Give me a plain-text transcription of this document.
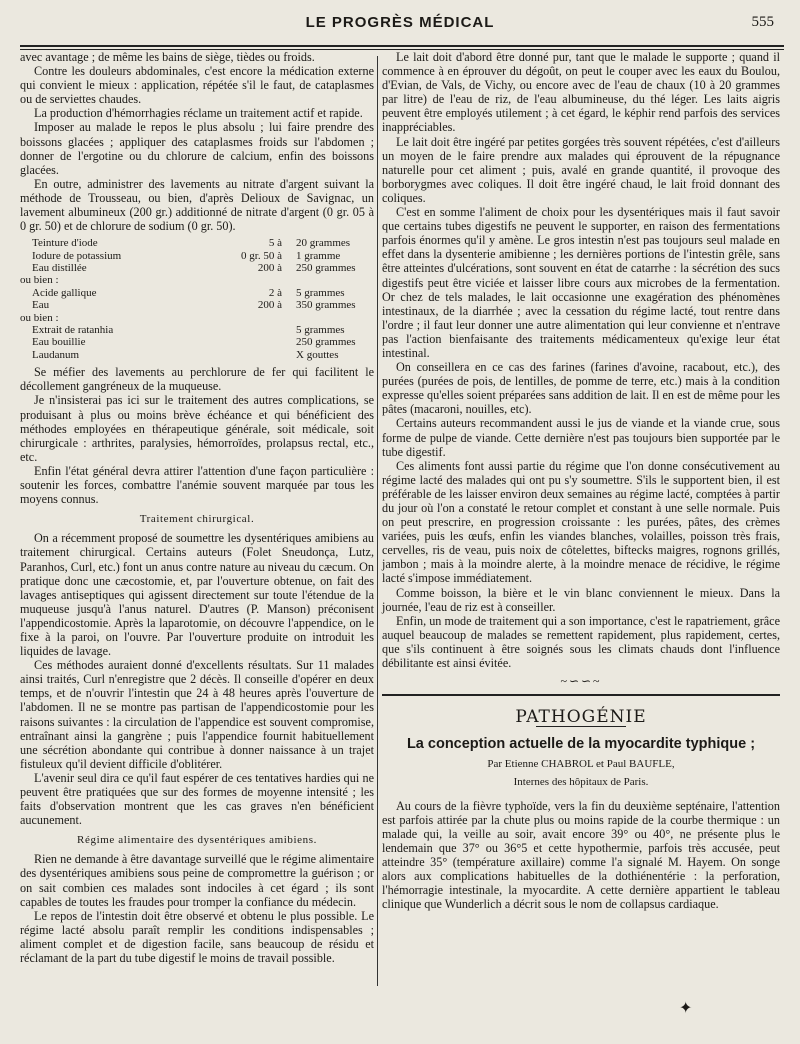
LE PROGRÈS MÉDICAL	555

avec avantage ; de même les bains de siège, tièdes ou froids.

Contre les douleurs abdominales, c'est encore la médication externe qui convient le mieux : application, répétée s'il le faut, de cataplasmes ou de serviettes chaudes.

La production d'hémorrhagies réclame un traitement actif et rapide.

Imposer au malade le repos le plus absolu ; lui faire prendre des boissons glacées ; appliquer des cataplasmes froids sur l'abdomen ; donner de l'ergotine ou du chlorure de calcium, enfin des boissons glacées.

En outre, administrer des lavements au nitrate d'argent suivant la méthode de Trousseau, ou bien, d'après Delioux de Savignac, un lavement albumineux (200 gr.) additionné de nitrate d'argent (0 gr. 05 à 0 gr. 50) et de chlorure de sodium (0 gr. 50).

Teinture d'iode	5 à	20 grammes
Iodure de potassium	0 gr. 50 à	1 gramme
Eau distillée	200 à	250 grammes
ou bien :
Acide gallique	2 à	5 grammes
Eau	200 à	350 grammes
ou bien :
Extrait de ratanhia	5 grammes
Eau bouillie	250 grammes
Laudanum	X gouttes

Se méfier des lavements au perchlorure de fer qui facilitent le décollement gangréneux de la muqueuse.

Je n'insisterai pas ici sur le traitement des autres complications, se produisant à plus ou moins brève échéance et qui bénéficient des méthodes employées en thérapeutique générale, soit médicale, soit chirurgicale : arthrites, paralysies, hémorroïdes, prolapsus rectal, etc., etc.

Enfin l'état général devra attirer l'attention d'une façon particulière : soutenir les forces, combattre l'anémie souvent marquée par tous les moyens connus.

Traitement chirurgical.

On a récemment proposé de soumettre les dysentériques amibiens au traitement chirurgical. Certains auteurs (Folet Sneudonça, Lutz, Paranhos, Curl, etc.) font un anus contre nature au niveau du cæcum. On pratique donc une cæcostomie, et, par l'ouverture obtenue, on fait des lavages antiseptiques qui agissent directement sur toute l'étendue de la muqueuse jusqu'à l'anus naturel. D'autres (P. Manson) préconisent l'appendicostomie. Après la laparotomie, on découvre l'appendice, on le fixe à la paroi, on l'ouvre. Par l'ouverture produite on introduit les liquides de lavage.

Ces méthodes auraient donné d'excellents résultats. Sur 11 malades ainsi traités, Curl n'enregistre que 2 décès. Il conseille d'opérer en deux temps, et de n'ouvrir l'intestin que 24 à 48 heures après l'ouverture de l'abdomen. Il ne se montre pas partisan de l'appendicostomie pour les raisons suivantes : la circulation de l'appendice est souvent compromise, entraînant ainsi la gangrène ; puis l'appendice fournit habituellement une sécrétion abondante qui contribue à donner naissance à un trajet fistuleux qu'il devient difficile d'oblitérer.

L'avenir seul dira ce qu'il faut espérer de ces tentatives hardies qui ne peuvent être pratiquées que sur des formes de moyenne intensité ; les faits d'observation montrent que les cas graves n'en bénéficient aucunement.

Régime alimentaire des dysentériques amibiens.

Rien ne demande à être davantage surveillé que le régime alimentaire des dysentériques amibiens sous peine de compromettre la guérison ; or on sait combien ces malades sont indociles à cet égard ; ils sont capables de toutes les fraudes pour tromper la confiance du médecin.

Le repos de l'intestin doit être observé et obtenu le plus possible. Le régime lacté absolu paraît remplir les conditions indispensables ; aliment complet et de digestion facile, sans beaucoup de résidu et réclamant de la part du tube digestif le moins de travail possible.

Le lait doit d'abord être donné pur, tant que le malade le supporte ; quand il commence à en éprouver du dégoût, on peut le couper avec les eaux du Boulou, d'Evian, de Vals, de Vichy, ou encore avec de l'eau de chaux (10 à 20 grammes par litre) de l'eau de riz, de l'eau albumineuse, du thé léger. Les laits aigris peuvent être employés utilement ; à cet égard, le képhir rend parfois des services inappréciables.

Le lait doit être ingéré par petites gorgées très souvent répétées, c'est d'ailleurs un moyen de le faire prendre aux malades qui éprouvent de la répugnance naturelle pour cet aliment ; puis, avalé en grande quantité, il provoque des borborygmes avec coliques. Il doit être ingéré chaud, le lait froid donnant des coliques.

C'est en somme l'aliment de choix pour les dysentériques mais il faut savoir que certains tubes digestifs ne peuvent le supporter, en raison des fermentations parfois énormes qu'il y amène. Le gros intestin n'est pas toujours seul malade en effet dans la dysenterie amibienne ; les dernières portions de l'intestin grêle, sans être atteintes d'ulcérations, sont souvent en état de catarrhe : la sécrétion des sucs digestifs peut être viciée et laisser libre cours aux microbes de la fermentation. Or chez de tels malades, le lait occasionne une exagération des phénomènes intestinaux, de la diarrhée ; avec la cessation du régime lacté, tout rentre dans l'ordre ; il faut leur donner une autre alimentation qui leur convienne et n'entrave pas l'action bienfaisante des traitements médicamenteux qu'exige leur état intestinal.

On conseillera en ce cas des farines (farines d'avoine, racabout, etc.), des purées (purées de pois, de lentilles, de pomme de terre, etc.) mais à la condition expresse qu'elles soient préparées sans addition de lait. Il en est de même pour les pâtes (macaroni, nouilles, etc).

Certains auteurs recommandent aussi le jus de viande et la viande crue, sous forme de pulpe de viande. Cette dernière n'est pas toujours bien supportée par le tube digestif.

Ces aliments font aussi partie du régime que l'on donne consécutivement au régime lacté des malades qui ont pu s'y soumettre. S'ils le supportent bien, il est préférable de les laisser environ deux semaines au régime lacté, comptées à partir du jour où l'on a constaté le retour complet et constant à une selle normale. Puis on peut prescrire, en progression croissante : les purées, pâtes, des crèmes variées, puis les œufs, enfin les viandes blanches, volailles, poisson très frais, cervelles, ris de veau, puis noix de côtelettes, biftecks maigres, rognons grillés, jambon ; mais à la moindre alerte, à la moindre menace de récidive, le régime lacté s'impose immédiatement.

Comme boisson, la bière et le vin blanc conviennent le mieux. Dans la journée, l'eau de riz est à conseiller.

Enfin, un mode de traitement qui a son importance, c'est le rapatriement, grâce auquel beaucoup de malades se remettent rapidement, plus rapidement, certes, que s'ils continuent à être soignés sous les climats chauds dont l'influence débilitante est ainsi évitée.

~∽∽~
PATHOGÉNIE
La conception actuelle de la myocardite typhique ;
Par Etienne CHABROL et Paul BAUFLE,
Internes des hôpitaux de Paris.

Au cours de la fièvre typhoïde, vers la fin du deuxième septénaire, l'attention est parfois attirée par la chute plus ou moins rapide de la courbe thermique : un malade qui, la veille au soir, avait encore 39° ou 40°, ne présente plus le lendemain que 37° ou 36°5 et cette hypothermie, parfois très accusée, peut atteindre 35° (température axillaire) comme l'a signalé M. Hayem. On songe alors aux complications habituelles de la dothiénentérie : la perforation, l'hémorragie intestinale, la myocardite. A cette dernière appartient le tableau clinique que Wunderlich a décrit sous le nom de collapsus cardiaque.

✦
